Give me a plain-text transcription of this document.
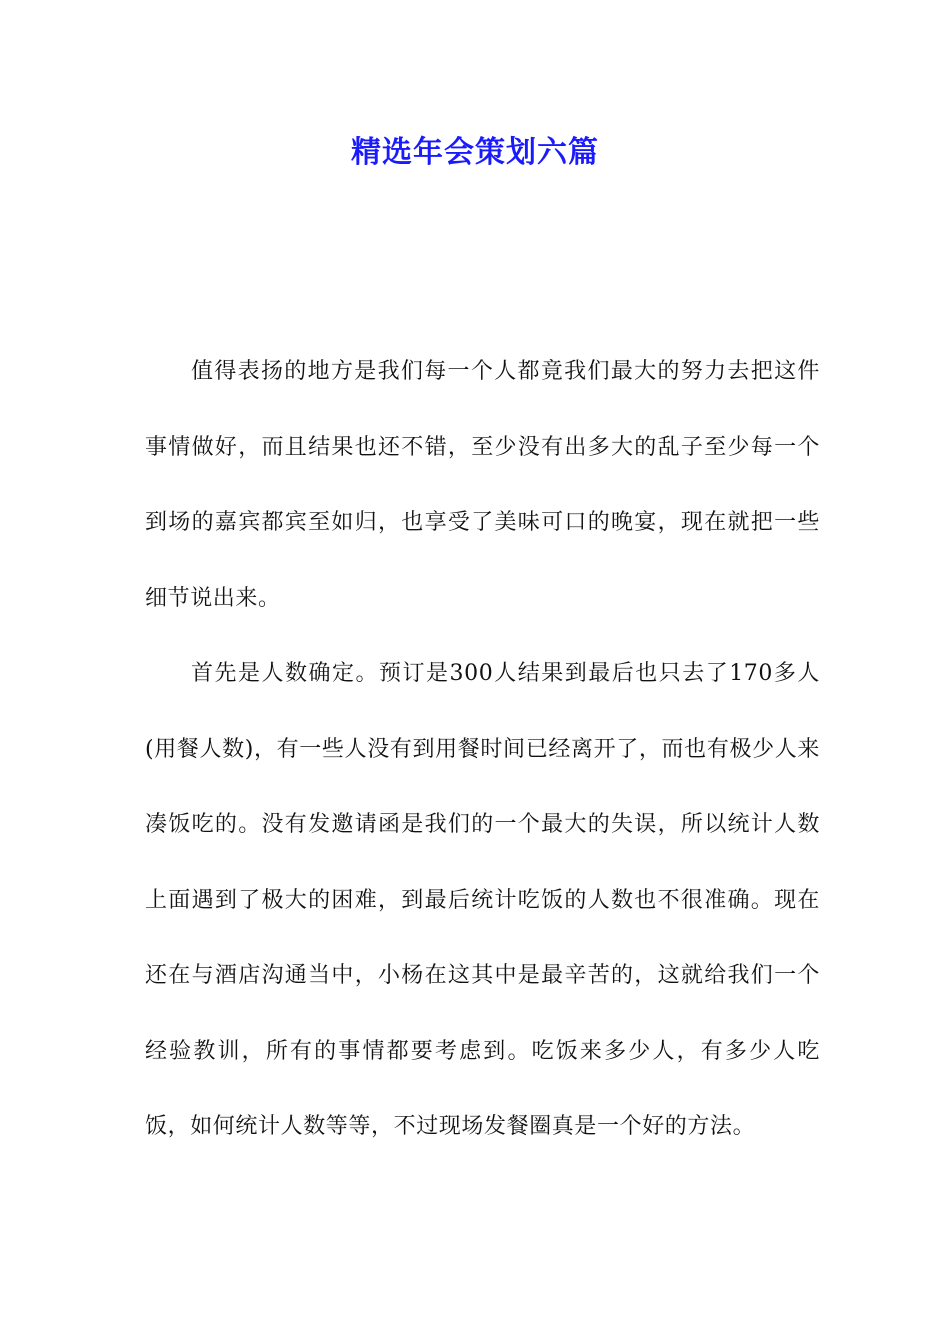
精选年会策划六篇

值得表扬的地方是我们每一个人都竟我们最大的努力去把这件事情做好，而且结果也还不错，至少没有出多大的乱子至少每一个到场的嘉宾都宾至如归，也享受了美味可口的晚宴，现在就把一些细节说出来。

首先是人数确定。预订是300人结果到最后也只去了170多人(用餐人数)，有一些人没有到用餐时间已经离开了，而也有极少人来凑饭吃的。没有发邀请函是我们的一个最大的失误，所以统计人数上面遇到了极大的困难，到最后统计吃饭的人数也不很准确。现在还在与酒店沟通当中，小杨在这其中是最辛苦的，这就给我们一个经验教训，所有的事情都要考虑到。吃饭来多少人，有多少人吃饭，如何统计人数等等，不过现场发餐圈真是一个好的方法。
